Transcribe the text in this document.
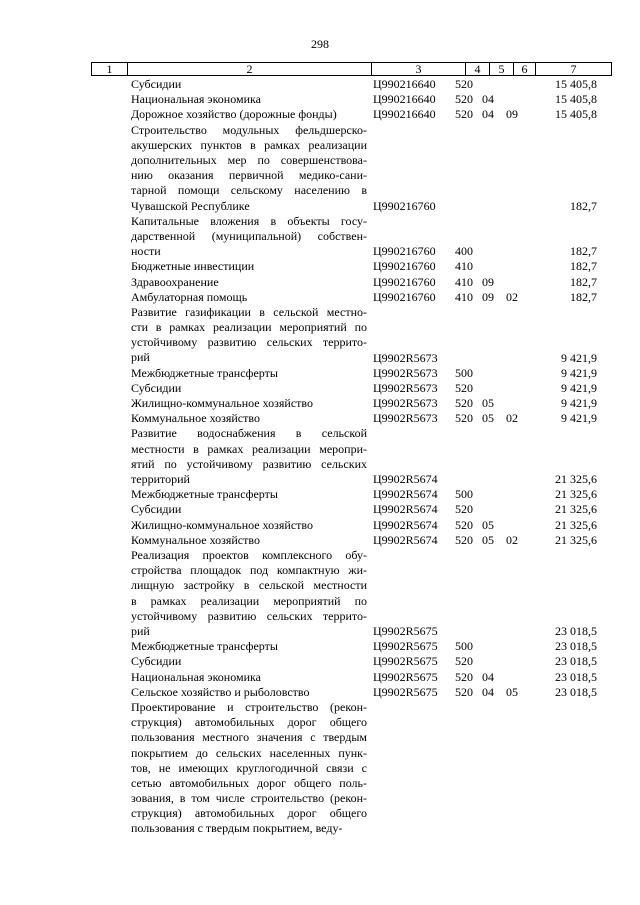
298
1	2	3	4	5	6	7
Субсидии	Ц990216640 520	15 405,8
Национальная экономика	Ц990216640 520 04	15 405,8
Дорожное хозяйство (дорожные фонды)	Ц990216640 520 04 09	15 405,8
Строительство модульных фельдшерско-
акушерских пунктов в рамках реализации
дополнительных мер по совершенствова-
нию оказания первичной медико-сани-
тарной помощи сельскому населению в
Чувашской Республике	Ц990216760	182,7
Капитальные вложения в объекты госу-
дарственной (муниципальной) собствен-
ности	Ц990216760 400	182,7
Бюджетные инвестиции	Ц990216760 410	182,7
Здравоохранение	Ц990216760 410 09	182,7
Амбулаторная помощь	Ц990216760 410 09 02	182,7
Развитие газификации в сельской местно-
сти в рамках реализации мероприятий по
устойчивому развитию сельских террито-
рий	Ц9902R5673	9 421,9
Межбюджетные трансферты	Ц9902R5673 500	9 421,9
Субсидии	Ц9902R5673 520	9 421,9
Жилищно-коммунальное хозяйство	Ц9902R5673 520 05	9 421,9
Коммунальное хозяйство	Ц9902R5673 520 05 02	9 421,9
Развитие водоснабжения в сельской
местности в рамках реализации меропри-
ятий по устойчивому развитию сельских
территорий	Ц9902R5674	21 325,6
Межбюджетные трансферты	Ц9902R5674 500	21 325,6
Субсидии	Ц9902R5674 520	21 325,6
Жилищно-коммунальное хозяйство	Ц9902R5674 520 05	21 325,6
Коммунальное хозяйство	Ц9902R5674 520 05 02	21 325,6
Реализация проектов комплексного обу-
стройства площадок под компактную жи-
лищную застройку в сельской местности
в рамках реализации мероприятий по
устойчивому развитию сельских террито-
рий	Ц9902R5675	23 018,5
Межбюджетные трансферты	Ц9902R5675 500	23 018,5
Субсидии	Ц9902R5675 520	23 018,5
Национальная экономика	Ц9902R5675 520 04	23 018,5
Сельское хозяйство и рыболовство	Ц9902R5675 520 04 05	23 018,5
Проектирование и строительство (рекон-
струкция) автомобильных дорог общего
пользования местного значения с твердым
покрытием до сельских населенных пунк-
тов, не имеющих круглогодичной связи с
сетью автомобильных дорог общего поль-
зования, в том числе строительство (рекон-
струкция) автомобильных дорог общего
пользования с твердым покрытием, веду-
